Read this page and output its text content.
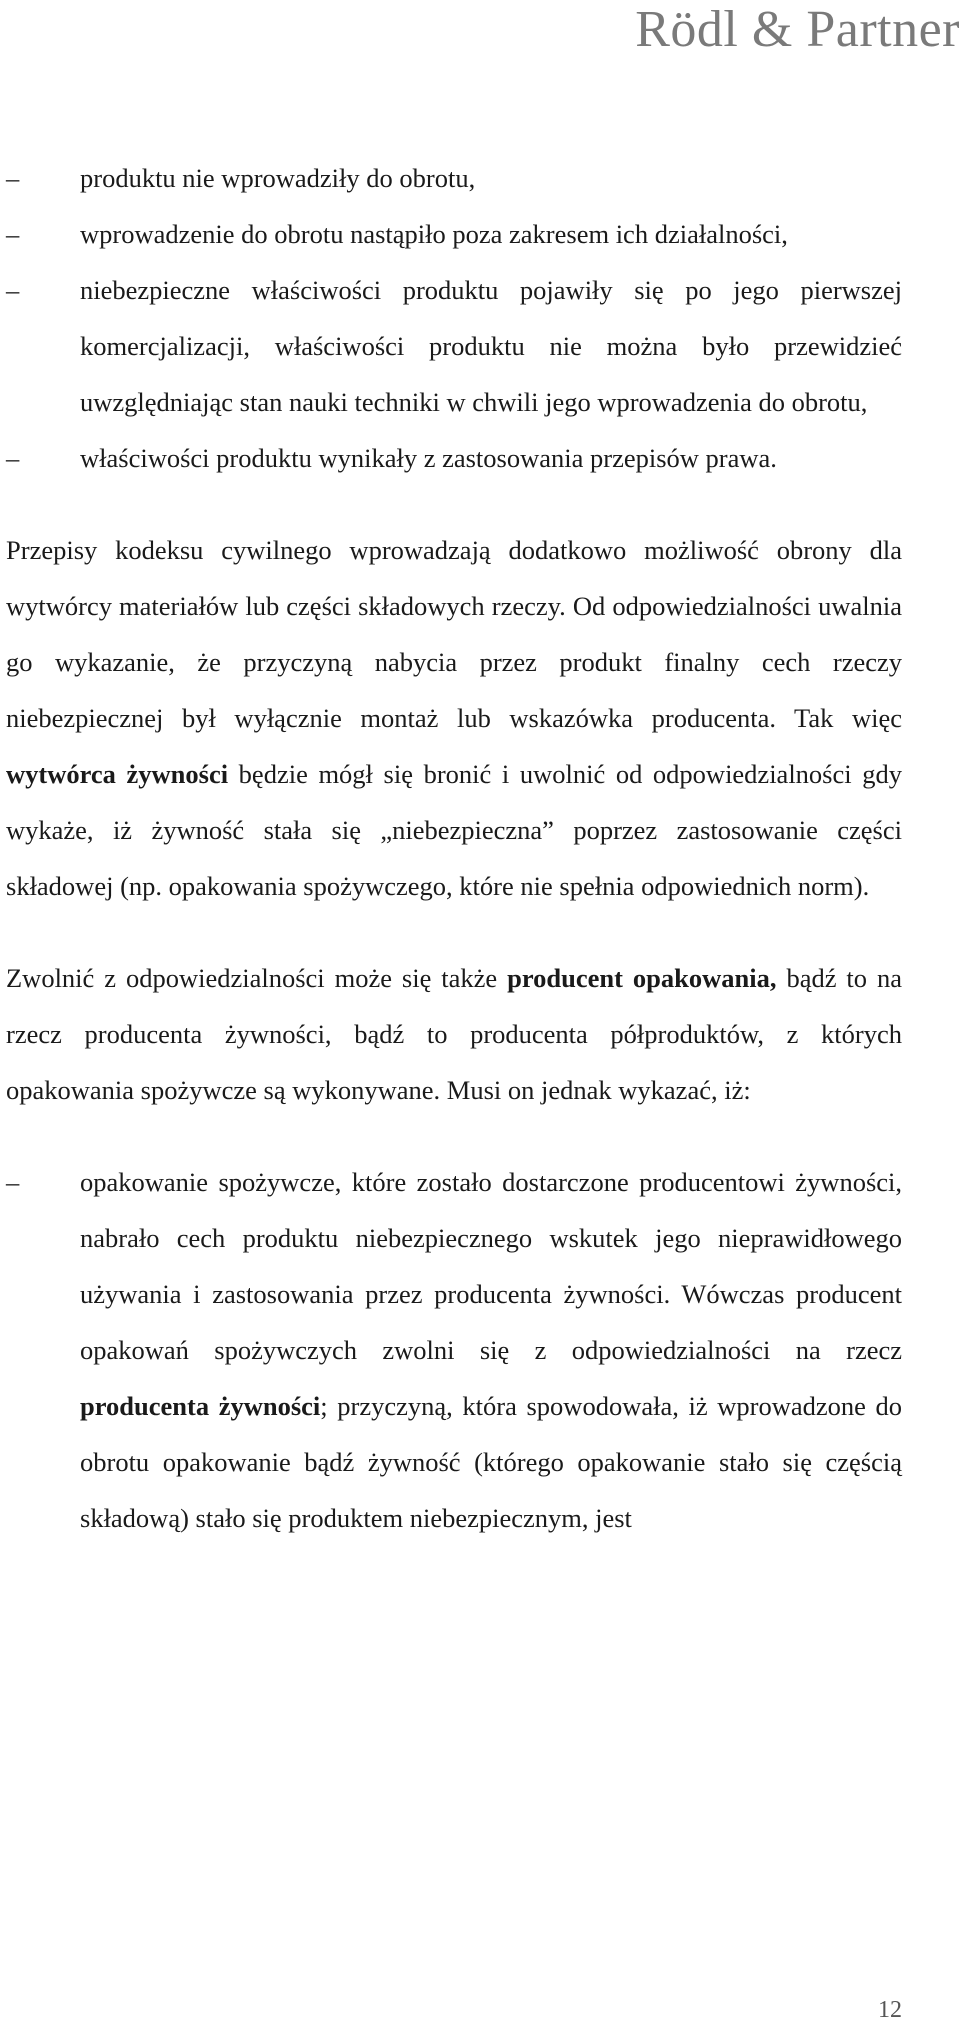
Rödl & Partner

–	produktu nie wprowadziły do obrotu,

–	wprowadzenie do obrotu nastąpiło poza zakresem ich działalności,

–	niebezpieczne właściwości produktu pojawiły się po jego pierwszej komercjalizacji, właściwości produktu nie można było przewidzieć uwzględniając stan nauki techniki w chwili jego wprowadzenia do obrotu,

–	właściwości produktu wynikały z zastosowania przepisów prawa.

Przepisy kodeksu cywilnego wprowadzają dodatkowo możliwość obrony dla wytwórcy materiałów lub części składowych rzeczy. Od odpowiedzialności uwalnia go wykazanie, że przyczyną nabycia przez produkt finalny cech rzeczy niebezpiecznej był wyłącznie montaż lub wskazówka producenta. Tak więc wytwórca żywności będzie mógł się bronić i uwolnić od odpowiedzialności gdy wykaże, iż żywność stała się „niebezpieczna” poprzez zastosowanie części składowej (np. opakowania spożywczego, które nie spełnia odpowiednich norm).

Zwolnić z odpowiedzialności może się także producent opakowania, bądź to na rzecz producenta żywności, bądź to producenta półproduktów, z których opakowania spożywcze są wykonywane. Musi on jednak wykazać, iż:

–	opakowanie spożywcze, które zostało dostarczone producentowi żywności, nabrało cech produktu niebezpiecznego wskutek jego nieprawidłowego używania i zastosowania przez producenta żywności. Wówczas producent opakowań spożywczych zwolni się z odpowiedzialności na rzecz producenta żywności; przyczyną, która spowodowała, iż wprowadzone do obrotu opakowanie bądź żywność (którego opakowanie stało się częścią składową) stało się produktem niebezpiecznym, jest

12
